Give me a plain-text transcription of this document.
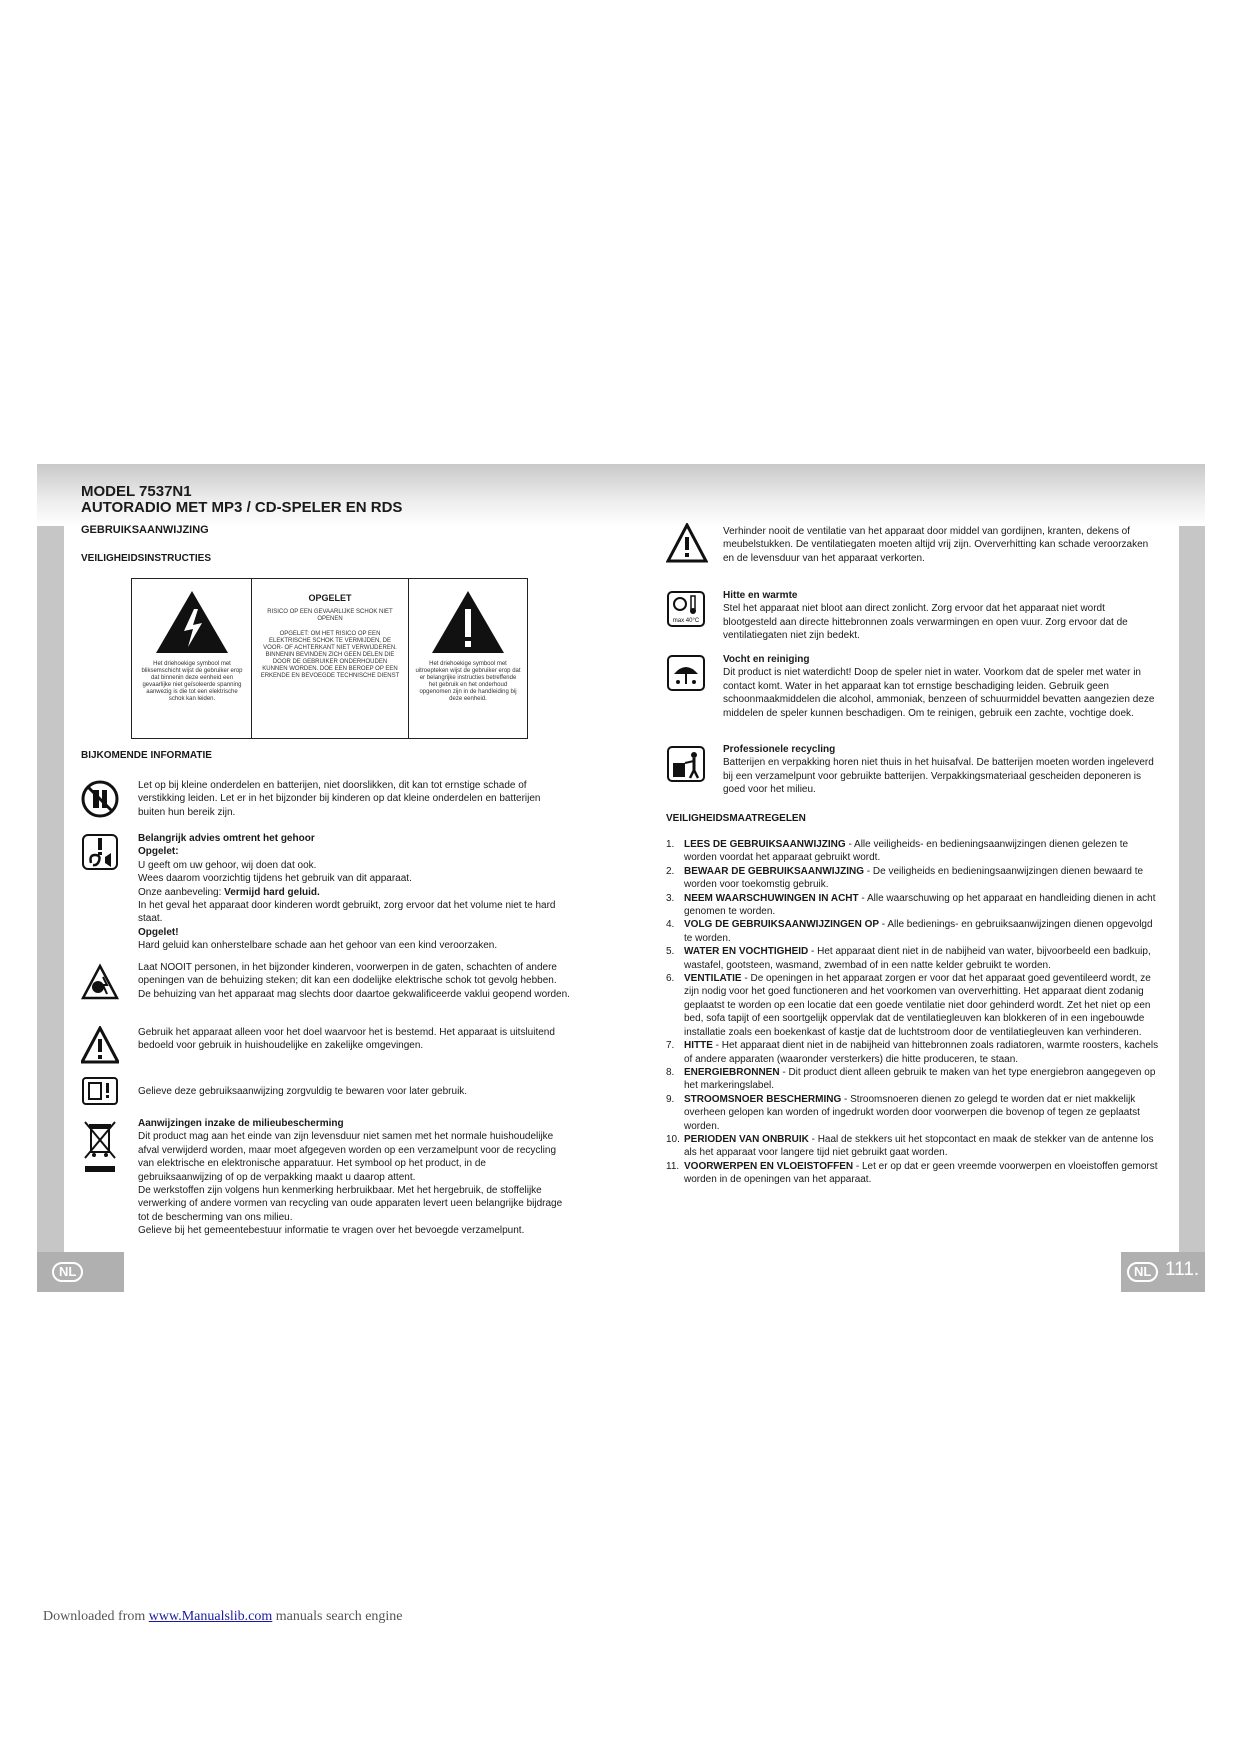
NL	NL 111.
MODEL 7537N1
AUTORADIO MET MP3 / CD-SPELER EN RDS
GEBRUIKSAANWIJZING
VEILIGHEIDSINSTRUCTIES
Het driehoekige symbool met bliksemschicht wijst de gebruiker erop dat binnenin deze eenheid een gevaarlijke niet geïsoleerde spanning aanwezig is die tot een elektrische schok kan leiden.
OPGELET
RISICO OP EEN GEVAARLIJKE SCHOK NIET OPENEN
OPGELET: OM HET RISICO OP EEN ELEKTRISCHE SCHOK TE VERMIJDEN, DE VOOR- OF ACHTERKANT NIET VERWIJDEREN. BINNENIN BEVINDEN ZICH GEEN DELEN DIE DOOR DE GEBRUIKER ONDERHOUDEN KUNNEN WORDEN. DOE EEN BEROEP OP EEN ERKENDE EN BEVOEGDE TECHNISCHE DIENST
Het driehoekige symbool met uitroepteken wijst de gebruiker erop dat er belangrijke instructies betreffende het gebruik en het onderhoud opgenomen zijn in de handleiding bij deze eenheid.
BIJKOMENDE INFORMATIE
Let op bij kleine onderdelen en batterijen, niet doorslikken, dit kan tot ernstige schade of verstikking leiden. Let er in het bijzonder bij kinderen op dat kleine onderdelen en batterijen buiten hun bereik zijn.
Belangrijk advies omtrent het gehoor
Opgelet:
U geeft om uw gehoor, wij doen dat ook.
Wees daarom voorzichtig tijdens het gebruik van dit apparaat.
Onze aanbeveling: Vermijd hard geluid.
In het geval het apparaat door kinderen wordt gebruikt, zorg ervoor dat het volume niet te hard staat.
Opgelet!
Hard geluid kan onherstelbare schade aan het gehoor van een kind veroorzaken.
Laat NOOIT personen, in het bijzonder kinderen, voorwerpen in de gaten, schachten of andere openingen van de behuizing steken; dit kan een dodelijke elektrische schok tot gevolg hebben. De behuizing van het apparaat mag slechts door daartoe gekwalificeerde vaklui geopend worden.
Gebruik het apparaat alleen voor het doel waarvoor het is bestemd. Het apparaat is uitsluitend bedoeld voor gebruik in huishoudelijke en zakelijke omgevingen.
Gelieve deze gebruiksaanwijzing zorgvuldig te bewaren voor later gebruik.
Aanwijzingen inzake de milieubescherming
Dit product mag aan het einde van zijn levensduur niet samen met het normale huishoudelijke afval verwijderd worden, maar moet afgegeven worden op een verzamelpunt voor de recycling van elektrische en elektronische apparatuur. Het symbool op het product, in de gebruiksaanwijzing of op de verpakking maakt u daarop attent.
De werkstoffen zijn volgens hun kenmerking herbruikbaar. Met het hergebruik, de stoffelijke verwerking of andere vormen van recycling van oude apparaten levert ueen belangrijke bijdrage tot de bescherming van ons milieu.
Gelieve bij het gemeentebestuur informatie te vragen over het bevoegde verzamelpunt.
Verhinder nooit de ventilatie van het apparaat door middel van gordijnen, kranten, dekens of meubelstukken. De ventilatiegaten moeten altijd vrij zijn. Oververhitting kan schade veroorzaken en de levensduur van het apparaat verkorten.
max 40°C
Hitte en warmte
Stel het apparaat niet bloot aan direct zonlicht. Zorg ervoor dat het apparaat niet wordt blootgesteld aan directe hittebronnen zoals verwarmingen en open vuur. Zorg ervoor dat de ventilatiegaten niet zijn bedekt.
Vocht en reiniging
Dit product is niet waterdicht! Doop de speler niet in water. Voorkom dat de speler met water in contact komt. Water in het apparaat kan tot ernstige beschadiging leiden. Gebruik geen schoonmaakmiddelen die alcohol, ammoniak, benzeen of schuurmiddel bevatten aangezien deze middelen de speler kunnen beschadigen. Om te reinigen, gebruik een zachte, vochtige doek.
Professionele recycling
Batterijen en verpakking horen niet thuis in het huisafval. De batterijen moeten worden ingeleverd bij een verzamelpunt voor gebruikte batterijen. Verpakkingsmateriaal gescheiden deponeren is goed voor het milieu.
VEILIGHEIDSMAATREGELEN
1. LEES DE GEBRUIKSAANWIJZING - Alle veiligheids- en bedieningsaanwijzingen dienen gelezen te worden voordat het apparaat gebruikt wordt.
2. BEWAAR DE GEBRUIKSAANWIJZING - De veiligheids en bedieningsaanwijzingen dienen bewaard te worden voor toekomstig gebruik.
3. NEEM WAARSCHUWINGEN IN ACHT - Alle waarschuwing op het apparaat en handleiding dienen in acht genomen te worden.
4. VOLG DE GEBRUIKSAANWIJZINGEN OP - Alle bedienings- en gebruiksaanwijzingen dienen opgevolgd te worden.
5. WATER EN VOCHTIGHEID - Het apparaat dient niet in de nabijheid van water, bijvoorbeeld een badkuip, wastafel, gootsteen, wasmand, zwembad of in een natte kelder gebruikt te worden.
6. VENTILATIE - De openingen in het apparaat zorgen er voor dat het apparaat goed geventileerd wordt, ze zijn nodig voor het goed functioneren and het voorkomen van oververhitting. Het apparaat dient zodanig geplaatst te worden op een locatie dat een goede ventilatie niet door gehinderd wordt. Zet het niet op een bed, sofa tapijt of een soortgelijk oppervlak dat de ventilatiegleuven kan blokkeren of in een ingebouwde installatie zoals een boekenkast of kastje dat de luchtstroom door de ventilatiegleuven kan verhinderen.
7. HITTE - Het apparaat dient niet in de nabijheid van hittebronnen zoals radiatoren, warmte roosters, kachels of andere apparaten (waaronder versterkers) die hitte produceren, te staan.
8. ENERGIEBRONNEN - Dit product dient alleen gebruik te maken van het type energiebron aangegeven op het markeringslabel.
9. STROOMSNOER BESCHERMING - Stroomsnoeren dienen zo gelegd te worden dat er niet makkelijk overheen gelopen kan worden of ingedrukt worden door voorwerpen die bovenop of tegen ze geplaatst worden.
10. PERIODEN VAN ONBRUIK - Haal de stekkers uit het stopcontact en maak de stekker van de antenne los als het apparaat voor langere tijd niet gebruikt gaat worden.
11. VOORWERPEN EN VLOEISTOFFEN - Let er op dat er geen vreemde voorwerpen en vloeistoffen gemorst worden in de openingen van het apparaat.
Downloaded from www.Manualslib.com manuals search engine
